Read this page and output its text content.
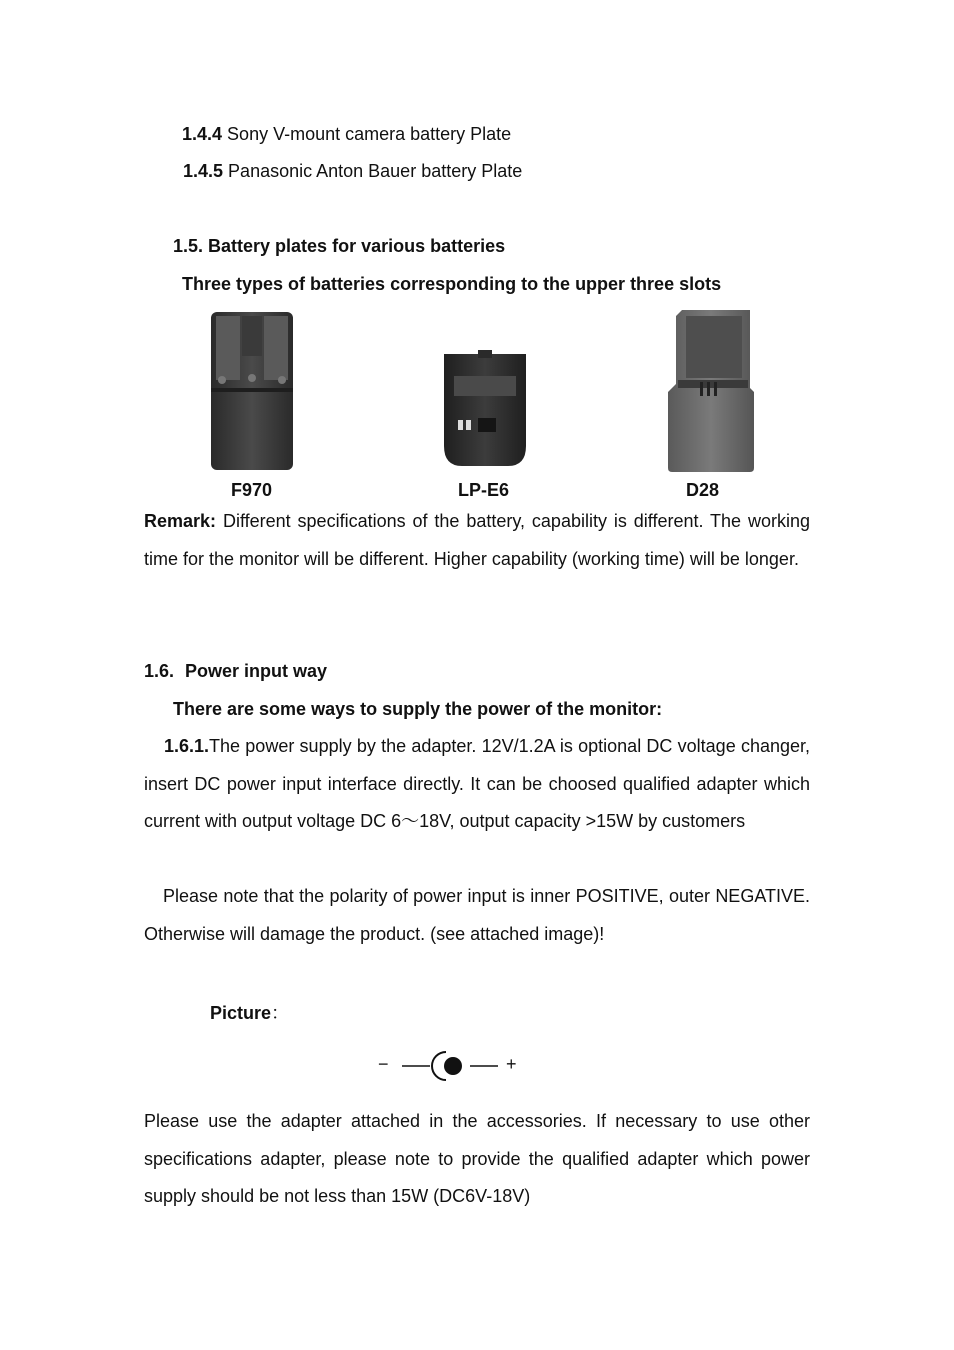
1.4.4 Sony V-mount camera battery Plate
1.4.5 Panasonic Anton Bauer battery Plate
1.5. Battery plates for various batteries
Three types of batteries corresponding to the upper three slots
F970	LP-E6	D28
Remark: Different specifications of the battery, capability is different. The working time for the monitor will be different. Higher capability (working time) will be longer.
1.6. Power input way
There are some ways to supply the power of the monitor:
1.6.1.The power supply by the adapter. 12V/1.2A is optional DC voltage changer, insert DC power input interface directly. It can be choosed qualified adapter which current with output voltage DC 6～18V, output capacity >15W by customers
Please note that the polarity of power input is inner POSITIVE, outer NEGATIVE. Otherwise will damage the product. (see attached image)!
Picture：
−	+
Please use the adapter attached in the accessories. If necessary to use other specifications adapter, please note to provide the qualified adapter which power supply should be not less than 15W (DC6V-18V)
